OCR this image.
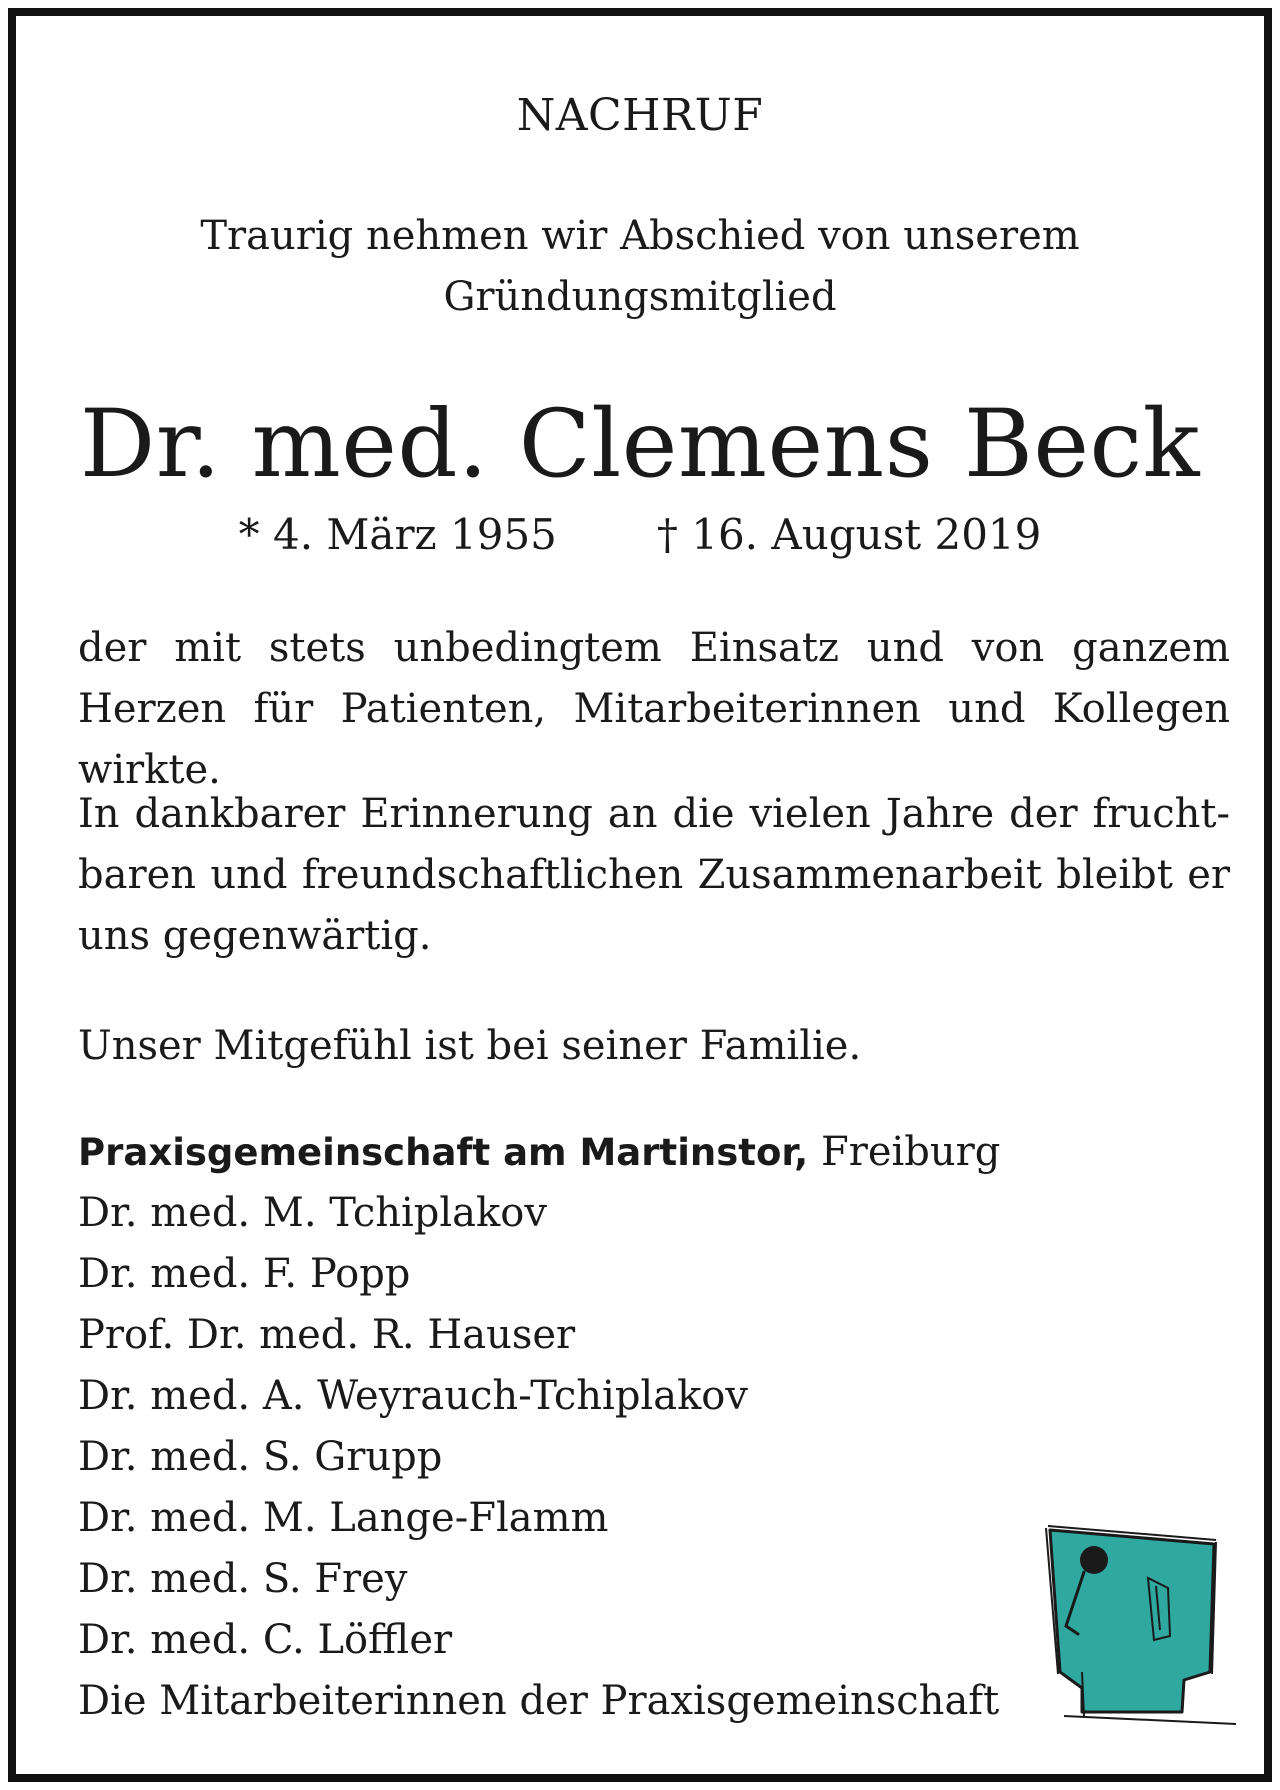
NACHRUF
Traurig nehmen wir Abschied von unserem
Gründungsmitglied
Dr. med. Clemens Beck
* 4. März 1955 † 16. August 2019
der mit stets unbedingtem Einsatz und von ganzem Herzen für Patienten, Mitarbeiterinnen und Kollegen wirkte.
In dankbarer Erinnerung an die vielen Jahre der frucht-baren und freundschaftlichen Zusammenarbeit bleibt er uns gegenwärtig.
Unser Mitgefühl ist bei seiner Familie.
Praxisgemeinschaft am Martinstor, Freiburg
Dr. med. M. Tchiplakov
Dr. med. F. Popp
Prof. Dr. med. R. Hauser
Dr. med. A. Weyrauch-Tchiplakov
Dr. med. S. Grupp
Dr. med. M. Lange-Flamm
Dr. med. S. Frey
Dr. med. C. Löffler
Die Mitarbeiterinnen der Praxisgemeinschaft
